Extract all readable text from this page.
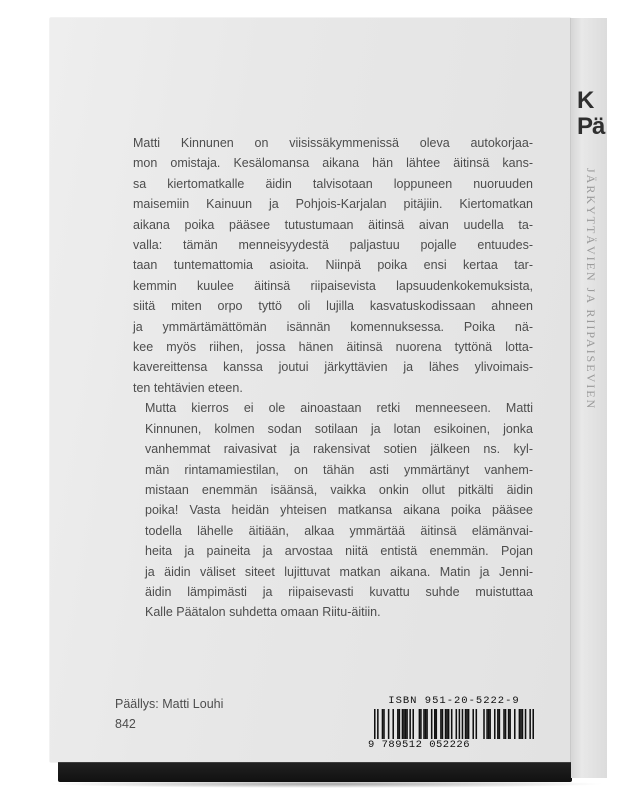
K
Pä
JÄRKYTTÄVIEN JA RIIPAISEVIEN

Matti Kinnunen on viisissäkymmenissä oleva autokorjaa-
mon omistaja. Kesälomansa aikana hän lähtee äitinsä kans-
sa kiertomatkalle äidin talvisotaan loppuneen nuoruuden
maisemiin Kainuun ja Pohjois-Karjalan pitäjiin. Kiertomatkan
aikana poika pääsee tutustumaan äitinsä aivan uudella ta-
valla: tämän menneisyydestä paljastuu pojalle entuudes-
taan tuntemattomia asioita. Niinpä poika ensi kertaa tar-
kemmin kuulee äitinsä riipaisevista lapsuudenkokemuksista,
siitä miten orpo tyttö oli lujilla kasvatuskodissaan ahneen
ja ymmärtämättömän isännän komennuksessa. Poika nä-
kee myös riihen, jossa hänen äitinsä nuorena tyttönä lotta-
kavereittensa kanssa joutui järkyttävien ja lähes ylivoimais-
ten tehtävien eteen.

Mutta kierros ei ole ainoastaan retki menneeseen. Matti
Kinnunen, kolmen sodan sotilaan ja lotan esikoinen, jonka
vanhemmat raivasivat ja rakensivat sotien jälkeen ns. kyl-
män rintamamiestilan, on tähän asti ymmärtänyt vanhem-
mistaan enemmän isäänsä, vaikka onkin ollut pitkälti äidin
poika! Vasta heidän yhteisen matkansa aikana poika pääsee
todella lähelle äitiään, alkaa ymmärtää äitinsä elämänvai-
heita ja paineita ja arvostaa niitä entistä enemmän. Pojan
ja äidin väliset siteet lujittuvat matkan aikana. Matin ja Jenni-
äidin lämpimästi ja riipaisevasti kuvattu suhde muistuttaa
Kalle Päätalon suhdetta omaan Riitu-äitiin.

Päällys: Matti Louhi
842
ISBN 951-20-5222-9
9 789512 052226
